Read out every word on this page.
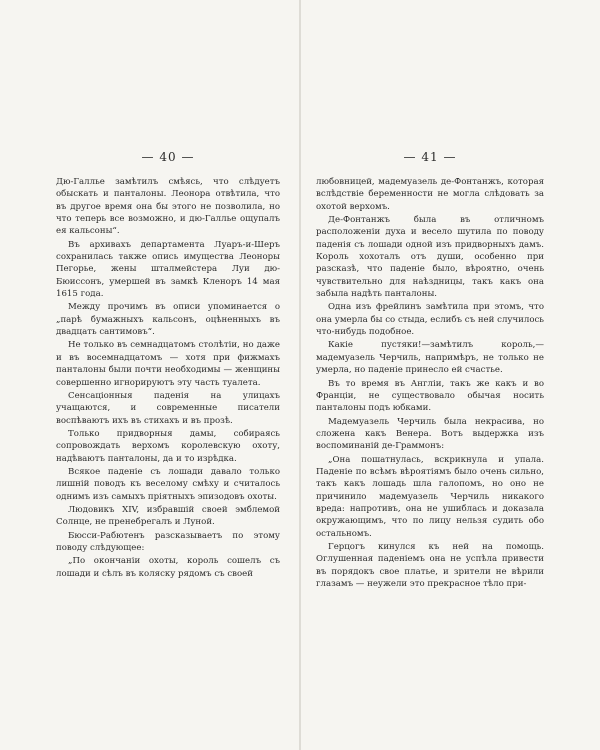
— 40 —

Дю-Галлье замѣтилъ смѣясь, что слѣдуетъ обыскать и панталоны. Леонора отвѣтила, что въ другое время она бы этого не позволила, но что теперь все возможно, и дю-Галлье ощупалъ ея кальсоны“.

Въ архивахъ департамента Луаръ-и-Шеръ сохранилась также опись имущества Леоноры Пегорье, жены шталмейстера Луи дю-Бюиссонъ, умершей въ замкѣ Кленоръ 14 мая 1615 года.

Между прочимъ въ описи упоминается о „парѣ бумажныхъ кальсонъ, оцѣненныхъ въ двадцать сантимовъ“.

Не только въ семнадцатомъ столѣтіи, но даже и въ восемнадцатомъ — хотя при фижмахъ панталоны были почти необходимы — женщины совершенно игнорируютъ эту часть туалета.

Сенсаціонныя паденія на улицахъ учащаются, и современные писатели воспѣваютъ ихъ въ стихахъ и въ прозѣ.

Только придворныя дамы, собираясь сопровождать верхомъ королевскую охоту, надѣваютъ панталоны, да и то изрѣдка.

Всякое паденіе съ лошади давало только лишній поводъ къ веселому смѣху и считалось однимъ изъ самыхъ пріятныхъ эпизодовъ охоты.

Людовикъ XIV, избравшій своей эмблемой Солнце, не пренебрегалъ и Луной.

Бюсси-Рабютенъ разсказываетъ по этому поводу слѣдующее:

„По окончаніи охоты, король сошелъ съ лошади и сѣлъ въ коляску рядомъ съ своей

— 41 —

любовницей, мадемуазель де-Фонтанжъ, которая вслѣдствіе беременности не могла слѣдовать за охотой верхомъ.

Де-Фонтанжъ была въ отличномъ расположеніи духа и весело шутила по поводу паденія съ лошади одной изъ придворныхъ дамъ. Король хохоталъ отъ души, особенно при разсказѣ, что паденіе было, вѣроятно, очень чувствительно для наѣздницы, такъ какъ она забыла надѣть панталоны.

Одна изъ фрейлинъ замѣтила при этомъ, что она умерла бы со стыда, еслибъ съ ней случилось что-нибудь подобное.

Какіе пустяки!—замѣтилъ король,—мадемуазель Черчиль, напримѣръ, не только не умерла, но паденіе принесло ей счастье.

Въ то время въ Англіи, такъ же какъ и во Франціи, не существовало обычая носить панталоны подъ юбками.

Мадемуазель Черчиль была некрасива, но сложена какъ Венера. Вотъ выдержка изъ воспоминаній де-Граммонъ:

„Она пошатнулась, вскрикнула и упала. Паденіе по всѣмъ вѣроятіямъ было очень сильно, такъ какъ лошадь шла галопомъ, но оно не причинило мадемуазель Черчиль никакого вреда: напротивъ, она не ушиблась и доказала окружающимъ, что по лицу нельзя судить обо остальномъ.

Герцогъ кинулся къ ней на помощь. Оглушенная паденіемъ она не успѣла привести въ порядокъ свое платье, и зрители не вѣрили глазамъ — неужели это прекрасное тѣло при-
